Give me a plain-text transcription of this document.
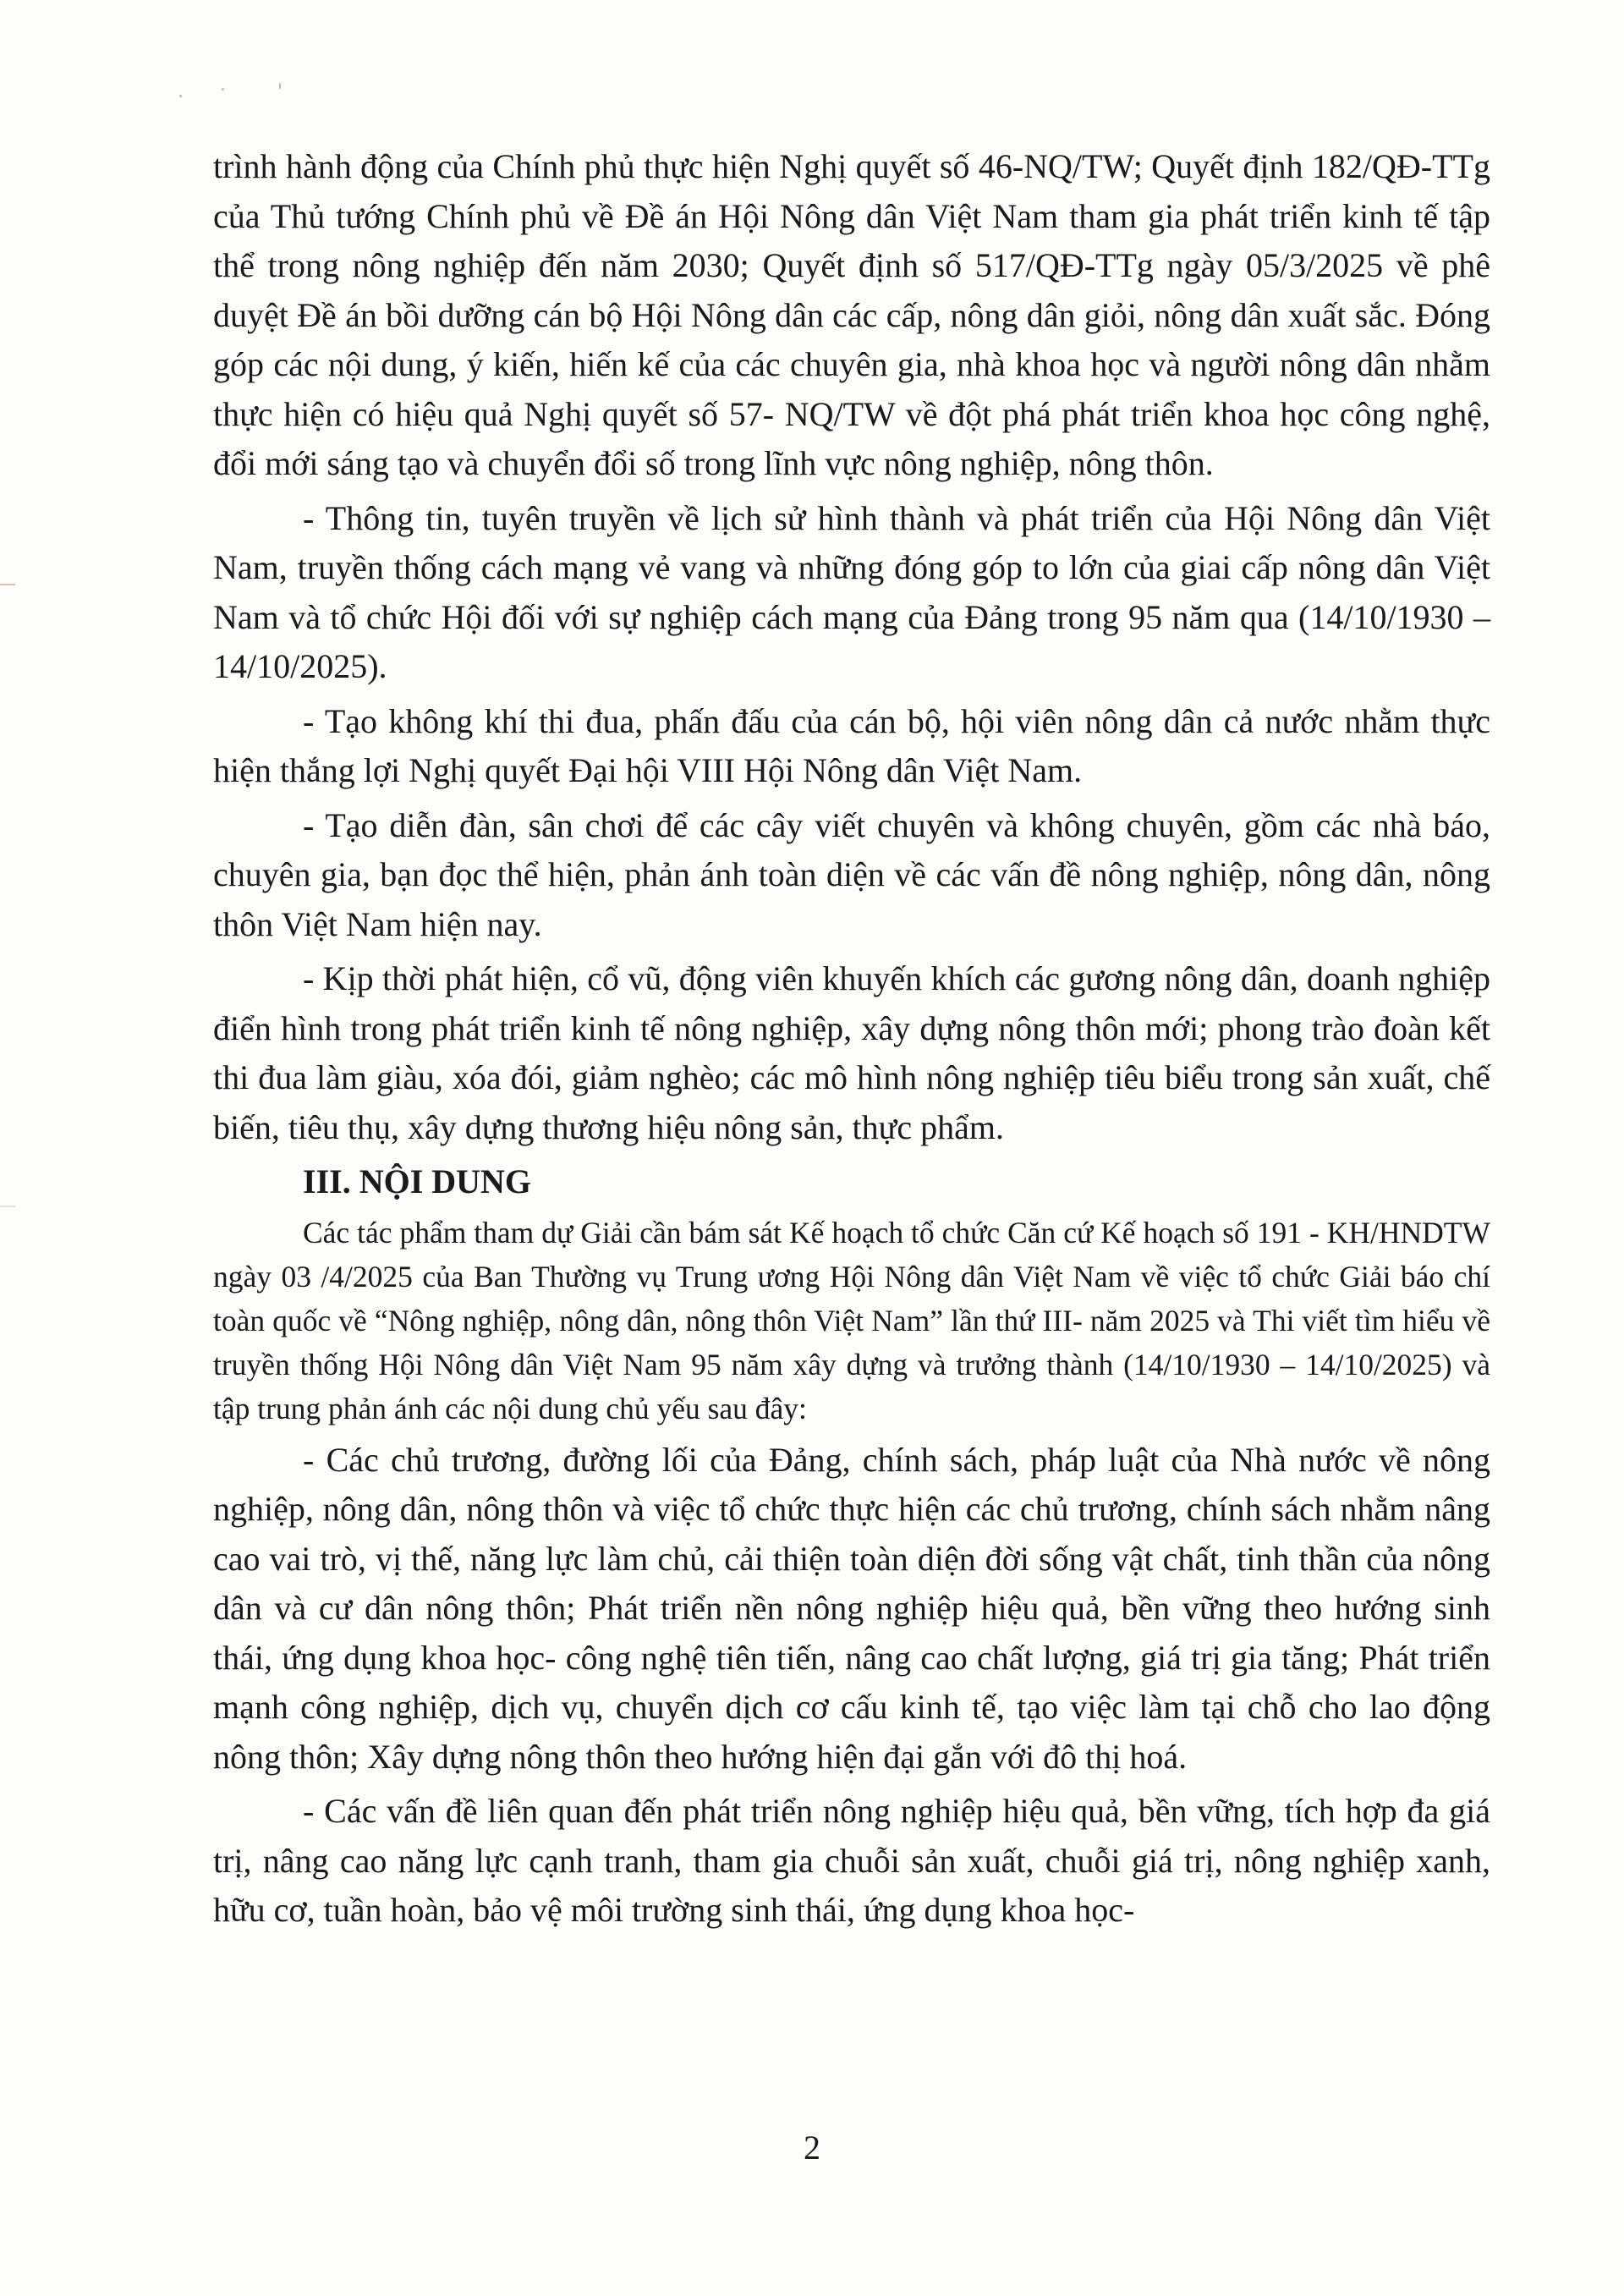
trình hành động của Chính phủ thực hiện Nghị quyết số 46-NQ/TW; Quyết định 182/QĐ-TTg của Thủ tướng Chính phủ về Đề án Hội Nông dân Việt Nam tham gia phát triển kinh tế tập thể trong nông nghiệp đến năm 2030; Quyết định số 517/QĐ-TTg ngày 05/3/2025 về phê duyệt Đề án bồi dưỡng cán bộ Hội Nông dân các cấp, nông dân giỏi, nông dân xuất sắc. Đóng góp các nội dung, ý kiến, hiến kế của các chuyên gia, nhà khoa học và người nông dân nhằm thực hiện có hiệu quả Nghị quyết số 57- NQ/TW về đột phá phát triển khoa học công nghệ, đổi mới sáng tạo và chuyển đổi số trong lĩnh vực nông nghiệp, nông thôn.

- Thông tin, tuyên truyền về lịch sử hình thành và phát triển của Hội Nông dân Việt Nam, truyền thống cách mạng vẻ vang và những đóng góp to lớn của giai cấp nông dân Việt Nam và tổ chức Hội đối với sự nghiệp cách mạng của Đảng trong 95 năm qua (14/10/1930 – 14/10/2025).

- Tạo không khí thi đua, phấn đấu của cán bộ, hội viên nông dân cả nước nhằm thực hiện thắng lợi Nghị quyết Đại hội VIII Hội Nông dân Việt Nam.

- Tạo diễn đàn, sân chơi để các cây viết chuyên và không chuyên, gồm các nhà báo, chuyên gia, bạn đọc thể hiện, phản ánh toàn diện về các vấn đề nông nghiệp, nông dân, nông thôn Việt Nam hiện nay.

- Kịp thời phát hiện, cổ vũ, động viên khuyến khích các gương nông dân, doanh nghiệp điển hình trong phát triển kinh tế nông nghiệp, xây dựng nông thôn mới; phong trào đoàn kết thi đua làm giàu, xóa đói, giảm nghèo; các mô hình nông nghiệp tiêu biểu trong sản xuất, chế biến, tiêu thụ, xây dựng thương hiệu nông sản, thực phẩm.

III. NỘI DUNG

Các tác phẩm tham dự Giải cần bám sát Kế hoạch tổ chức Căn cứ Kế hoạch số 191 - KH/HNDTW ngày 03 /4/2025 của Ban Thường vụ Trung ương Hội Nông dân Việt Nam về việc tổ chức Giải báo chí toàn quốc về “Nông nghiệp, nông dân, nông thôn Việt Nam” lần thứ III- năm 2025 và Thi viết tìm hiểu về truyền thống Hội Nông dân Việt Nam 95 năm xây dựng và trưởng thành (14/10/1930 – 14/10/2025) và tập trung phản ánh các nội dung chủ yếu sau đây:

- Các chủ trương, đường lối của Đảng, chính sách, pháp luật của Nhà nước về nông nghiệp, nông dân, nông thôn và việc tổ chức thực hiện các chủ trương, chính sách nhằm nâng cao vai trò, vị thế, năng lực làm chủ, cải thiện toàn diện đời sống vật chất, tinh thần của nông dân và cư dân nông thôn; Phát triển nền nông nghiệp hiệu quả, bền vững theo hướng sinh thái, ứng dụng khoa học- công nghệ tiên tiến, nâng cao chất lượng, giá trị gia tăng; Phát triển mạnh công nghiệp, dịch vụ, chuyển dịch cơ cấu kinh tế, tạo việc làm tại chỗ cho lao động nông thôn; Xây dựng nông thôn theo hướng hiện đại gắn với đô thị hoá.

- Các vấn đề liên quan đến phát triển nông nghiệp hiệu quả, bền vững, tích hợp đa giá trị, nâng cao năng lực cạnh tranh, tham gia chuỗi sản xuất, chuỗi giá trị, nông nghiệp xanh, hữu cơ, tuần hoàn, bảo vệ môi trường sinh thái, ứng dụng khoa học-

2
